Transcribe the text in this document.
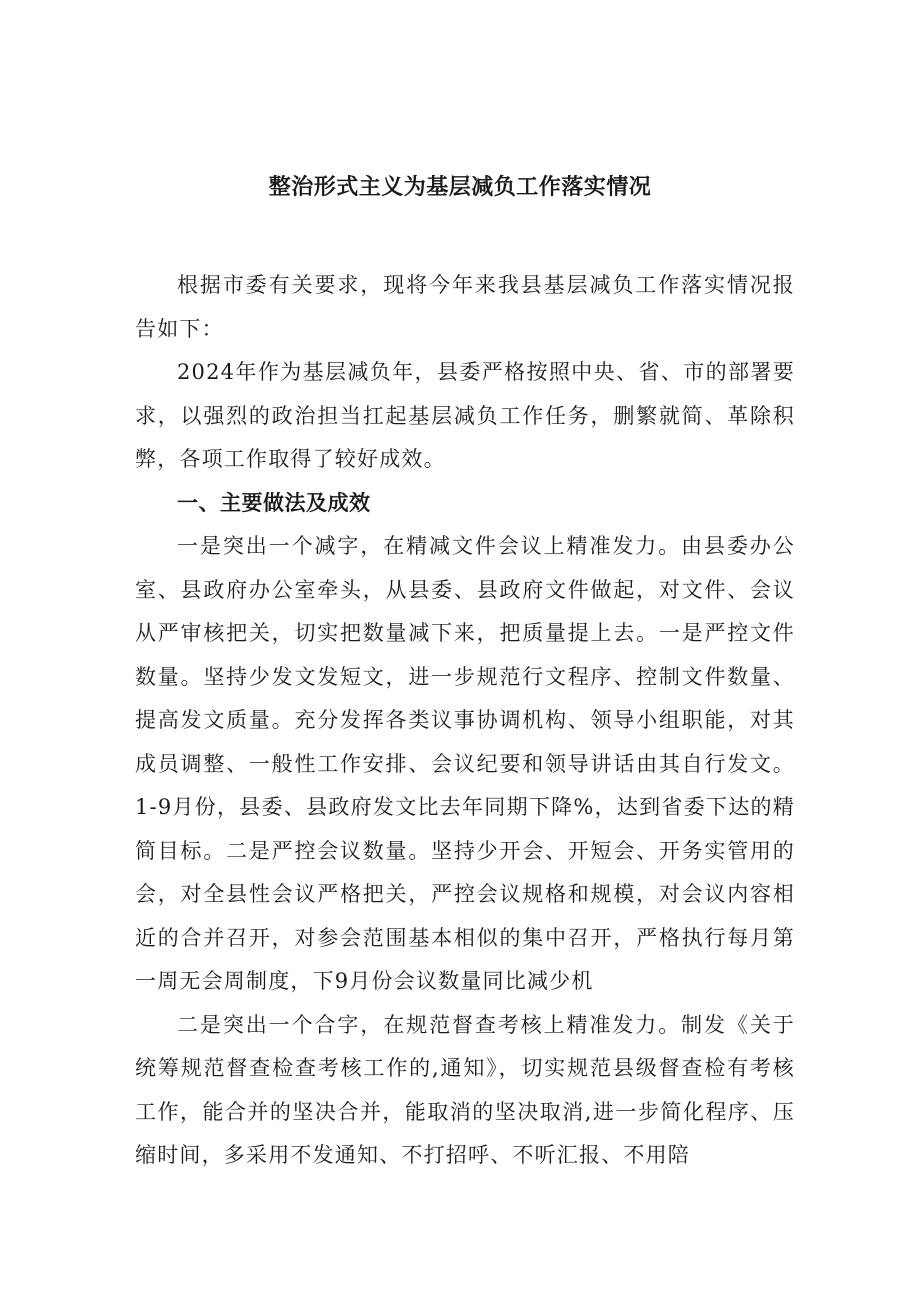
整治形式主义为基层减负工作落实情况

根据市委有关要求，现将今年来我县基层减负工作落实情况报告如下：

2024年作为基层减负年，县委严格按照中央、省、市的部署要求，以强烈的政治担当扛起基层减负工作任务，删繁就简、革除积弊，各项工作取得了较好成效。

一、主要做法及成效

一是突出一个减字，在精减文件会议上精准发力。由县委办公室、县政府办公室牵头，从县委、县政府文件做起，对文件、会议从严审核把关，切实把数量减下来，把质量提上去。一是严控文件数量。坚持少发文发短文，进一步规范行文程序、控制文件数量、提高发文质量。充分发挥各类议事协调机构、领导小组职能，对其成员调整、一般性工作安排、会议纪要和领导讲话由其自行发文。1-9月份，县委、县政府发文比去年同期下降%，达到省委下达的精简目标。二是严控会议数量。坚持少开会、开短会、开务实管用的会，对全县性会议严格把关，严控会议规格和规模，对会议内容相近的合并召开，对参会范围基本相似的集中召开，严格执行每月第一周无会周制度，下9月份会议数量同比减少机

二是突出一个合字，在规范督查考核上精准发力。制发《关于统筹规范督查检查考核工作的,通知》，切实规范县级督查检有考核工作，能合并的坚决合并，能取消的坚决取消,进一步简化程序、压缩时间，多采用不发通知、不打招呼、不听汇报、不用陪
